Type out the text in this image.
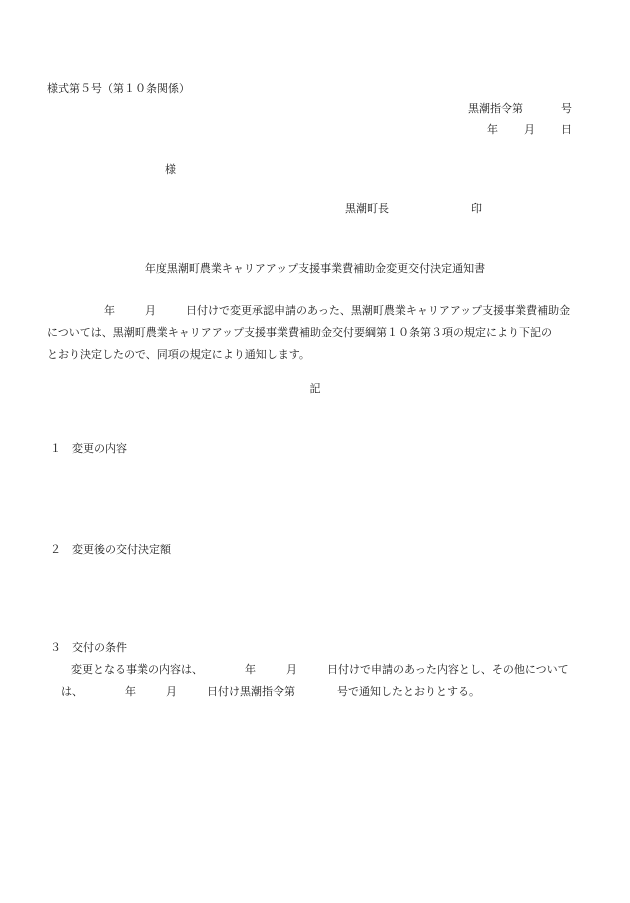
様式第５号（第１０条関係）
黒潮指令第	号
年 月 日
様
黒潮町長	印
年度黒潮町農業キャリアアップ支援事業費補助金変更交付決定通知書
年	月	日付けで変更承認申請のあった、黒潮町農業キャリアアップ支援事業費補助金
については、黒潮町農業キャリアアップ支援事業費補助金交付要綱第１０条第３項の規定により下記の
とおり決定したので、同項の規定により通知します。
記
１　変更の内容
２　変更後の交付決定額
３　交付の条件
変更となる事業の内容は、	年	月	日付けで申請のあった内容とし、その他について
は、	年	月	日付け黒潮指令第	号で通知したとおりとする。
